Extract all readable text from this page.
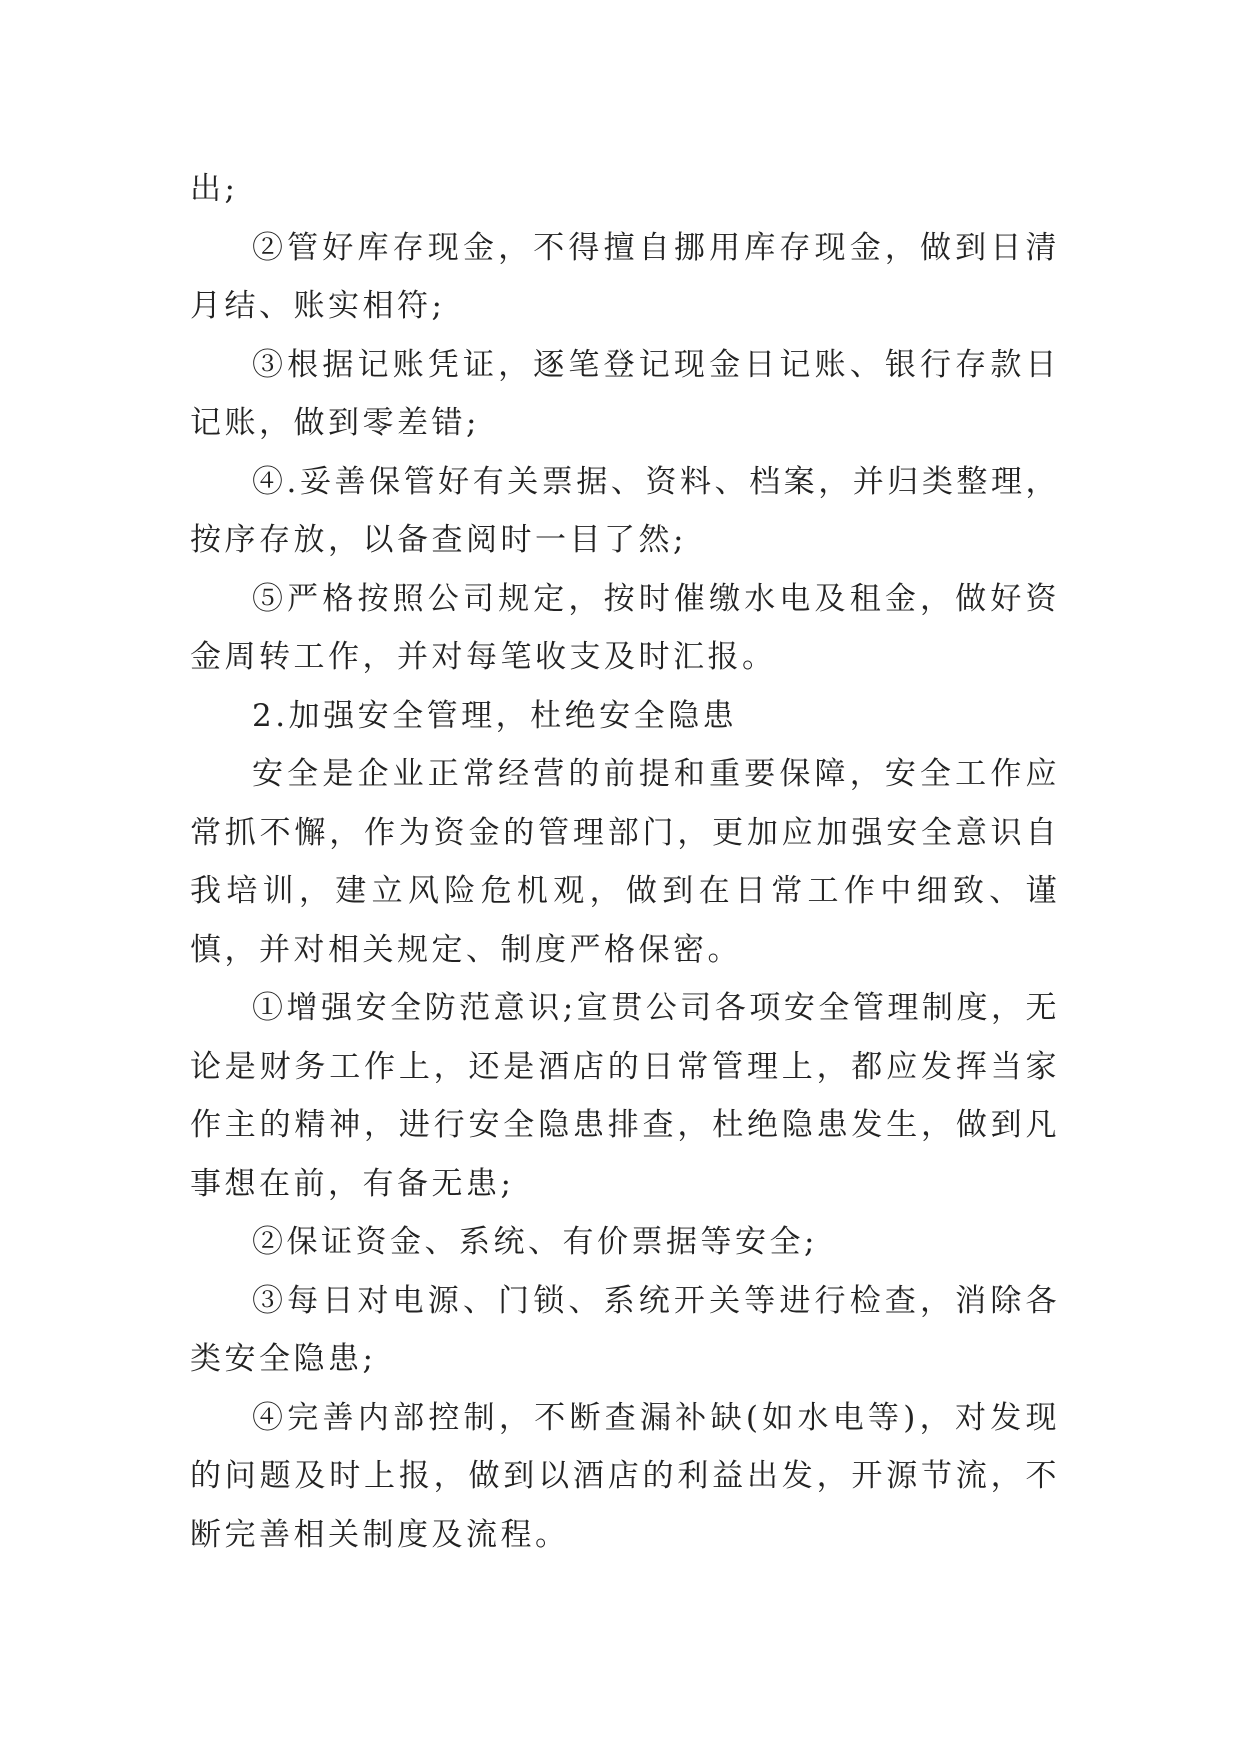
出;

②管好库存现金，不得擅自挪用库存现金，做到日清月结、账实相符;

③根据记账凭证，逐笔登记现金日记账、银行存款日记账，做到零差错;

④.妥善保管好有关票据、资料、档案，并归类整理，按序存放，以备查阅时一目了然;

⑤严格按照公司规定，按时催缴水电及租金，做好资金周转工作，并对每笔收支及时汇报。

2.加强安全管理，杜绝安全隐患

安全是企业正常经营的前提和重要保障，安全工作应常抓不懈，作为资金的管理部门，更加应加强安全意识自我培训，建立风险危机观，做到在日常工作中细致、谨慎，并对相关规定、制度严格保密。

①增强安全防范意识;宣贯公司各项安全管理制度，无论是财务工作上，还是酒店的日常管理上，都应发挥当家作主的精神，进行安全隐患排查，杜绝隐患发生，做到凡事想在前，有备无患;

②保证资金、系统、有价票据等安全;

③每日对电源、门锁、系统开关等进行检查，消除各类安全隐患;

④完善内部控制，不断查漏补缺(如水电等)，对发现的问题及时上报，做到以酒店的利益出发，开源节流，不断完善相关制度及流程。
